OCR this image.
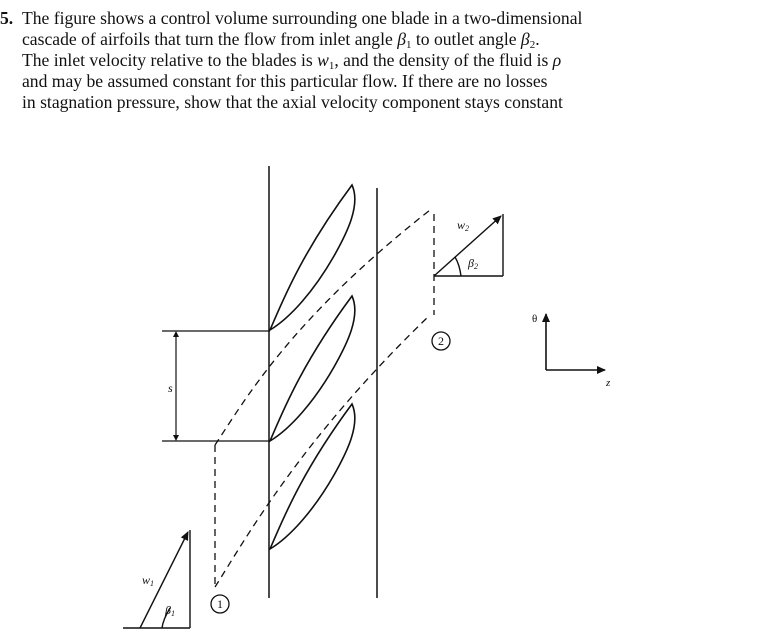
5. The figure shows a control volume surrounding one blade in a two-dimensional
cascade of airfoils that turn the flow from inlet angle $\beta_1$ to outlet angle $\beta_2$.
The inlet velocity relative to the blades is $w_1$, and the density of the fluid is ρ
and may be assumed constant for this particular flow. If there are no losses
in stagnation pressure, show that the axial velocity component stays constant
s
w1
β1
w2
β2
1
2
θ
z
